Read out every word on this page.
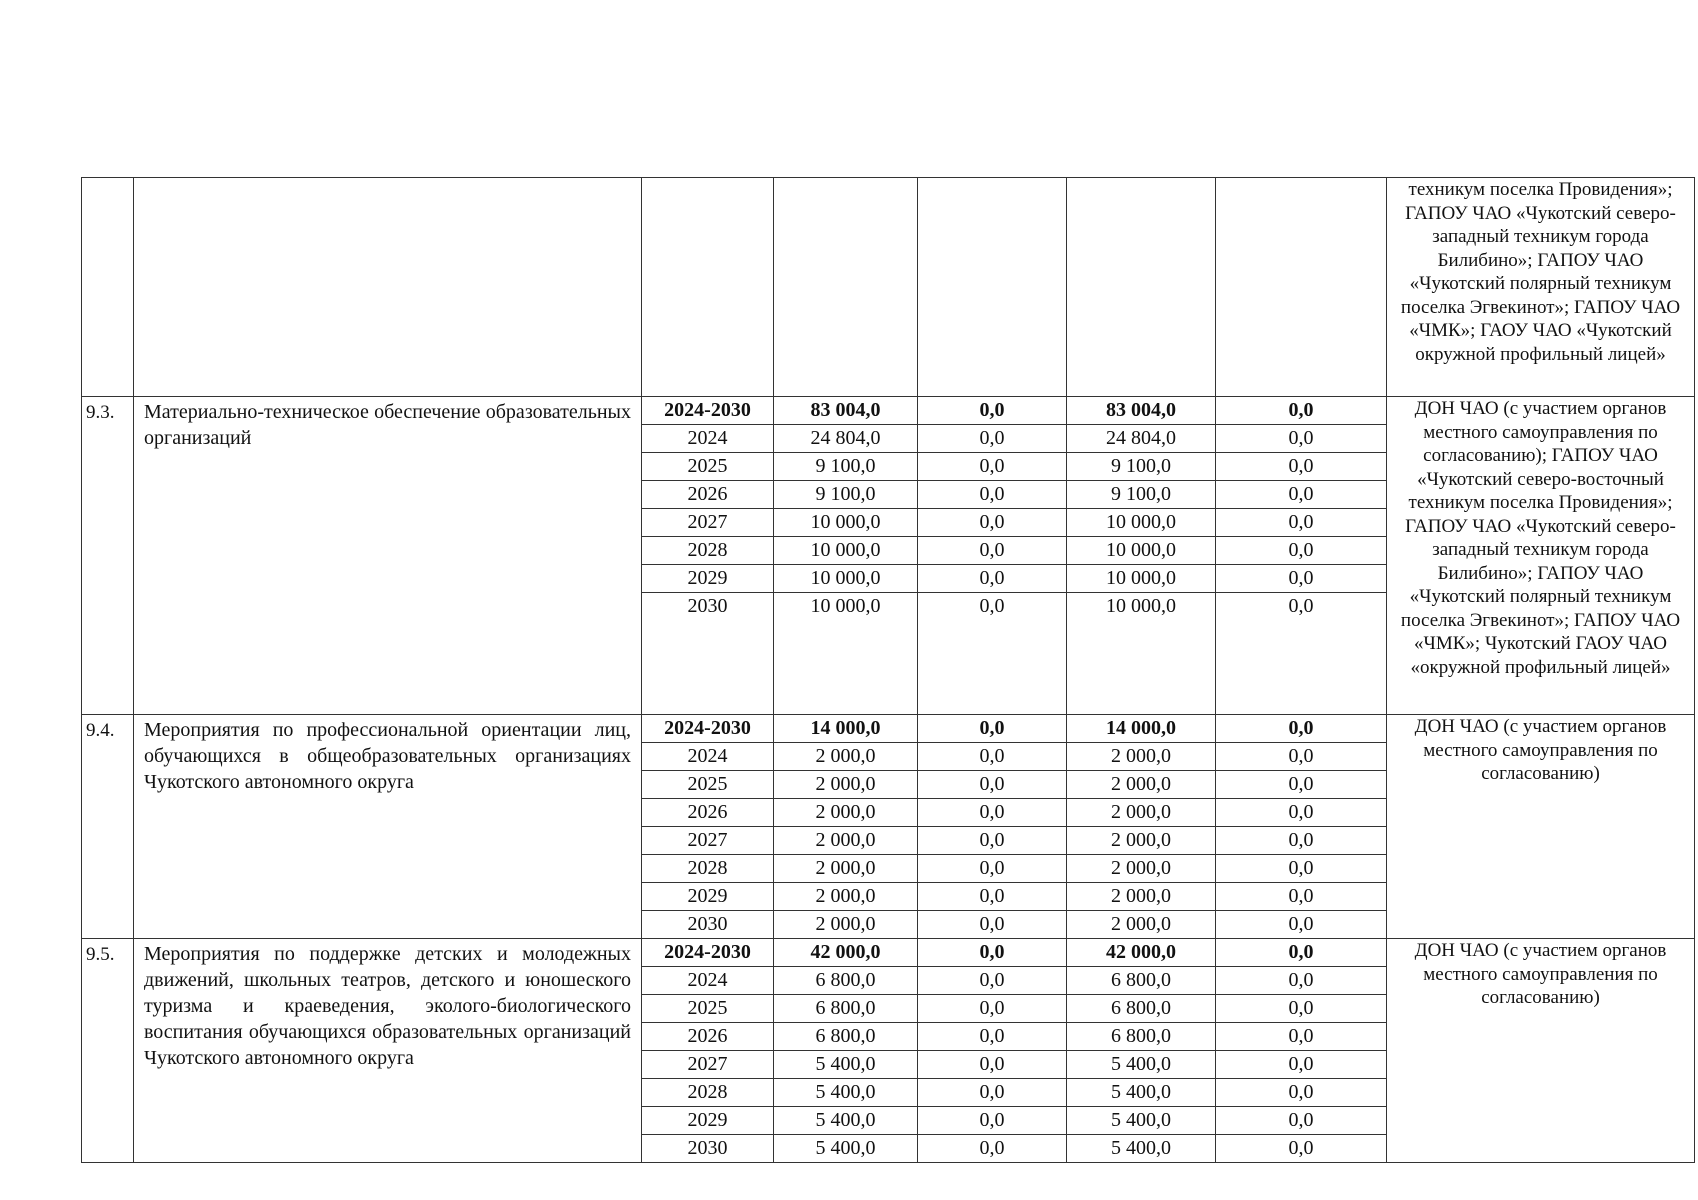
							техникум поселка Провидения»; ГАПОУ ЧАО «Чукотский северо-западный техникум города Билибино»; ГАПОУ ЧАО «Чукотский полярный техникум поселка Эгвекинот»; ГАПОУ ЧАО «ЧМК»; ГАОУ ЧАО «Чукотский окружной профильный лицей»
9.3.	Материально-техническое обеспечение образовательных организаций	2024-2030	83 004,0	0,0	83 004,0	0,0	ДОН ЧАО (с участием органов местного самоуправления по согласованию); ГАПОУ ЧАО «Чукотский северо-восточный техникум поселка Провидения»; ГАПОУ ЧАО «Чукотский северо-западный техникум города Билибино»; ГАПОУ ЧАО «Чукотский полярный техникум поселка Эгвекинот»; ГАПОУ ЧАО «ЧМК»; Чукотский ГАОУ ЧАО «окружной профильный лицей»
		2024	24 804,0	0,0	24 804,0	0,0	
		2025	9 100,0	0,0	9 100,0	0,0	
		2026	9 100,0	0,0	9 100,0	0,0	
		2027	10 000,0	0,0	10 000,0	0,0	
		2028	10 000,0	0,0	10 000,0	0,0	
		2029	10 000,0	0,0	10 000,0	0,0	
		2030	10 000,0	0,0	10 000,0	0,0	
9.4.	Мероприятия по профессиональной ориентации лиц, обучающихся в общеобразовательных организациях Чукотского автономного округа	2024-2030	14 000,0	0,0	14 000,0	0,0	ДОН ЧАО (с участием органов местного самоуправления по согласованию)
		2024	2 000,0	0,0	2 000,0	0,0	
		2025	2 000,0	0,0	2 000,0	0,0	
		2026	2 000,0	0,0	2 000,0	0,0	
		2027	2 000,0	0,0	2 000,0	0,0	
		2028	2 000,0	0,0	2 000,0	0,0	
		2029	2 000,0	0,0	2 000,0	0,0	
		2030	2 000,0	0,0	2 000,0	0,0	
9.5.	Мероприятия по поддержке детских и молодежных движений, школьных театров, детского и юношеского туризма и краеведения, эколого-биологического воспитания обучающихся образовательных организаций Чукотского автономного округа	2024-2030	42 000,0	0,0	42 000,0	0,0	ДОН ЧАО (с участием органов местного самоуправления по согласованию)
		2024	6 800,0	0,0	6 800,0	0,0	
		2025	6 800,0	0,0	6 800,0	0,0	
		2026	6 800,0	0,0	6 800,0	0,0	
		2027	5 400,0	0,0	5 400,0	0,0	
		2028	5 400,0	0,0	5 400,0	0,0	
		2029	5 400,0	0,0	5 400,0	0,0	
		2030	5 400,0	0,0	5 400,0	0,0	
